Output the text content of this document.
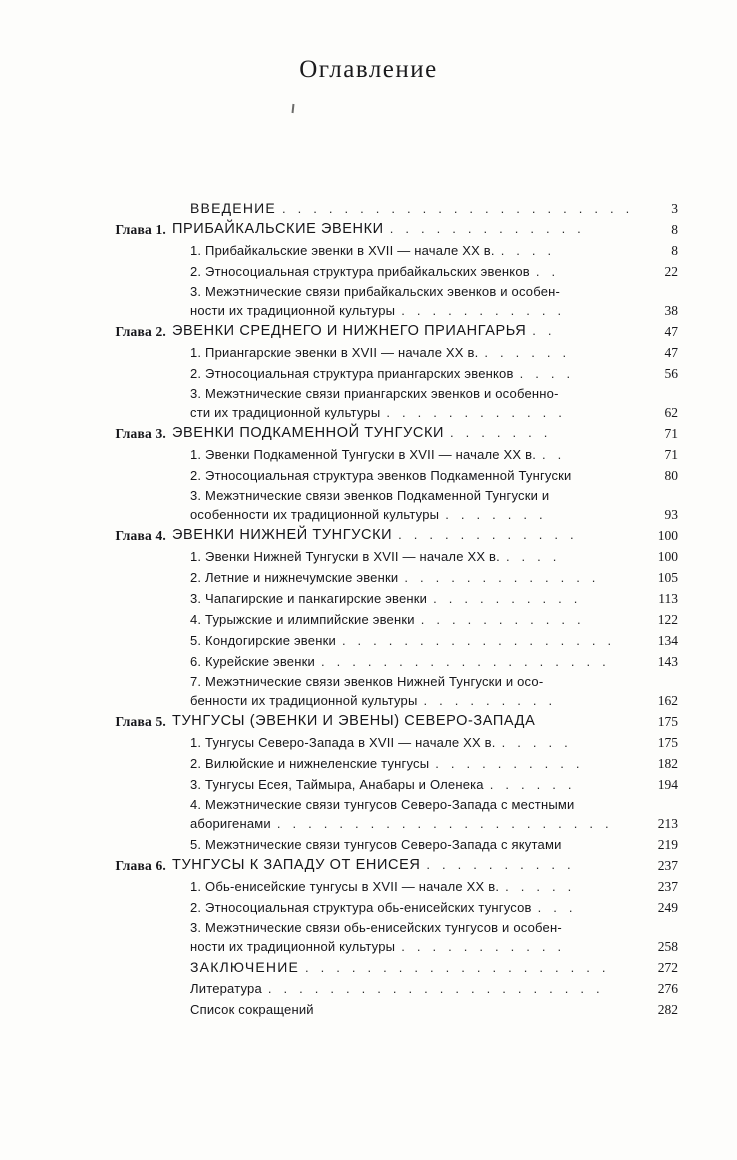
Оглавление
ВВЕДЕНИЕ . . . . . . . . . . . . . . . . . . . . . . .	3
Глава 1. ПРИБАЙКАЛЬСКИЕ ЭВЕНКИ . . . . . . . . . . . . .	8
1. Прибайкальские эвенки в XVII — начале XX в. . . . .	8
2. Этносоциальная структура прибайкальских эвенков . .	22
3. Межэтнические связи прибайкальских эвенков и особен-
ности их традиционной культуры . . . . . . . . . . .	38
Глава 2. ЭВЕНКИ СРЕДНЕГО И НИЖНЕГО ПРИАНГАРЬЯ . .	47
1. Приангарские эвенки в XVII — начале XX в. . . . . . .	47
2. Этносоциальная структура приангарских эвенков . . . .	56
3. Межэтнические связи приангарских эвенков и особенно-
сти их традиционной культуры . . . . . . . . . . . .	62
Глава 3. ЭВЕНКИ ПОДКАМЕННОЙ ТУНГУСКИ . . . . . . .	71
1. Эвенки Подкаменной Тунгуски в XVII — начале XX в. . .	71
2. Этносоциальная структура эвенков Подкаменной Тунгуски	80
3. Межэтнические связи эвенков Подкаменной Тунгуски и
особенности их традиционной культуры . . . . . . .	93
Глава 4. ЭВЕНКИ НИЖНЕЙ ТУНГУСКИ . . . . . . . . . . . .	100
1. Эвенки Нижней Тунгуски в XVII — начале XX в. . . . .	100
2. Летние и нижнечумские эвенки . . . . . . . . . . . . .	105
3. Чапагирские и панкагирские эвенки . . . . . . . . . .	113
4. Турыжские и илимпийские эвенки . . . . . . . . . . .	122
5. Кондогирские эвенки . . . . . . . . . . . . . . . . . .	134
6. Курейские эвенки . . . . . . . . . . . . . . . . . . .	143
7. Межэтнические связи эвенков Нижней Тунгуски и осо-
бенности их традиционной культуры . . . . . . . . .	162
Глава 5. ТУНГУСЫ (ЭВЕНКИ И ЭВЕНЫ) СЕВЕРО-ЗАПАДА	175
1. Тунгусы Северо-Запада в XVII — начале XX в. . . . . .	175
2. Вилюйские и нижнеленские тунгусы . . . . . . . . . .	182
3. Тунгусы Есея, Таймыра, Анабары и Оленека . . . . . .	194
4. Межэтнические связи тунгусов Северо-Запада с местными
аборигенами . . . . . . . . . . . . . . . . . . . . . .	213
5. Межэтнические связи тунгусов Северо-Запада с якутами	219
Глава 6. ТУНГУСЫ К ЗАПАДУ ОТ ЕНИСЕЯ . . . . . . . . . .	237
1. Обь-енисейские тунгусы в XVII — начале XX в. . . . . .	237
2. Этносоциальная структура обь-енисейских тунгусов . . .	249
3. Межэтнические связи обь-енисейских тунгусов и особен-
ности их традиционной культуры . . . . . . . . . . .	258
ЗАКЛЮЧЕНИЕ . . . . . . . . . . . . . . . . . . . .	272
Литература . . . . . . . . . . . . . . . . . . . . . .	276
Список сокращений	282
